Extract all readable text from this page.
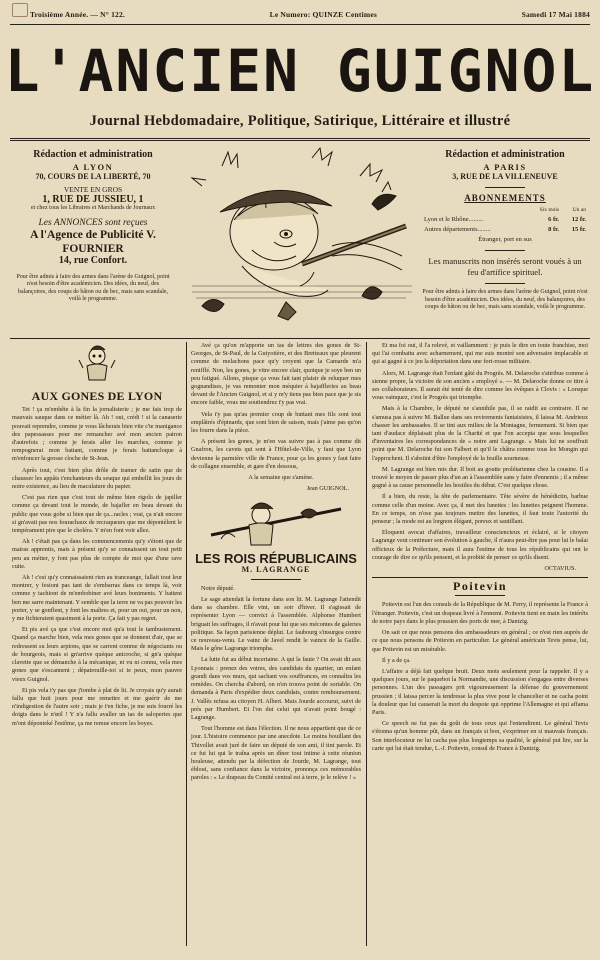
Troisième Année. — N° 122.	Le Numero: QUINZE Centimes	Samedi 17 Mai 1884
L'ANCIEN GUIGNOL
Journal Hebdomadaire, Politique, Satirique, Littéraire et illustré
Rédaction et administration
A LYON
70, COURS DE LA LIBERTÉ, 70
VENTE EN GROS
1, RUE DE JUSSIEU, 1
et chez tous les Libraires et Marchands de Journaux
Les ANNONCES sont reçues
A l'Agence de Publicité V. FOURNIER
14, rue Confort.
Pour être admis à faire des armes dans l'arène de Guignol, point n'est besoin d'être académicien. Des idées, du neuf, des balançoires, des coups de bâton ou de bec, mais sans scandale, voilà le programme.
Rédaction et administration
A PARIS
3, RUE DE LA VILLENEUVE
ABONNEMENTS
	Six mois	Un an
Lyon et le Rhône.........	6 fr.	12 fr.
Autres départements........	8 fr.	15 fr.
Étranger, port en sus		
Les manuscrits non insérés seront voués à un feu d'artifice spirituel.
Pour être admis à faire des armes dans l'arène de Guignol, point n'est besoin d'être académicien. Des idées, du neuf, des balançoires, des coups de bâton ou de bec, mais sans scandale, voilà le programme.
AUX GONES DE LYON

Tet ! ça m'embête à la fin la jornalisterie ; je me fais trop de mauvais sauque dans ce métier là. Ah ! oui, crédi ! si la canaserie pouvait reprendre, comme je vous lâcherais bien vite c'te manigance des papessasses pour me remancher avé mon ancien patron d'autrefois ; comme je ferais aller les marches, comme je rempognerai mon battant, comme je ferais battancloque à m'enfoncer la grosse cloche de St-Jean.

Après tout, c'est bien plus drôle de tramer de satin que de chausser les appâts t'enchanteurs du seuque qui embellit les jours de notre existence, au lieu de maculature du papier.

C'est pas rien que c'est tout de même bien rigolo de japiller comme ça devant tout le monde, de bajafler en beau devant du public que vous gobe si bien que de ça...racles ; vrai, ça n'ait encore si gn'avait pas nos fourachaux de recraqueurs que me dépontèlent le tempérament pire que le choléra. Y m'en font voir allez.

Ah ! c'était pas ça dans les commencements qu'y s'étont que de mairas apprentis, mais à présent qu'y se connaissent un tout petit peu au métier, y font pas plus de compte de moi que d'une rave cuite.

Ah ! c'est qu'y connaissaient rien au tranceange, fallait tout leur montrer, y fesiont pas tant de s'embarras dans ce temps là, voir comme y tachiont de m'embobiner avé leurs boniments. Y battent ben me sarre maintenant. Y semble que la terre ne va pas pouvoir les porter, y se gonflent, y font les maîtres et, pour un oui, pour un non, y me fichteraient quasiment à la porte. Ça fait y pas regret.

Et pis avé ça que c'est encore moi qu'a tout le tambustement. Quand ça marche bien, vela mes gones que se donnent d'air, que se redressent su leurs arpions, que se carrent comme de négociants ou de bourgeois, mais si gn'arrive quèque anicroche, si gn'a quèque clavette que se démanche à la mécanique, ni vu ni connu, vela mes gones que s'escannent ; dépatrouille-toi si te peux, mon pauvre vieux Guignol.

Et pis vela t'y pas que j'tombe à plat de lit. Je croyais qu'y aurait fallu que huit jours pour me remettre et me guérir de me n'indigestion de l'autre soir ; mais je t'en fiche, je me suis fourré les doigts dans le n'œil ! Y n'a fallu avaller un tas de saloperies que m'ont déponteké l'estôme, ça me remue encore les boyes.

Avé ça qu'on m'apporte un tas de lettres des gones de St-Georges, de St-Paul, de la Guiyotière, et des Bretteaux que pleurent comme de melachons pace qu'y croyent que la Camarde m'a renifflé. Non, les gones, je vitre encore clair, quoique je soye ben un peu fatigué. Allons, pisque ça vous fait tant plaisir de reluquer mes gognandises, je vas remonter mon méquier à bajaffleries au beau devant de l'Ancien Guignol, et si y m'y tiens pas bien pace que je sis encore faible, vous me soutiendrez t'y pas vrai.

Vela t'y pas qu'au premier coup de buttant mes fils sont tout emplâtrés d'épinards, que sont bien de saison, mais j'aime pas qu'on les fourre dans la pièce.

A présent les gones, je m'en vas suivre pas à pas comme dit Gnafron, les cavets qui sont à l'Hôtel-de-Ville, y faut que Lyon devienne la parmière ville de France, pour ça les gones y faut faire de collagne ensemble, et gare d'en dessous,

A la semaine que s'amène.

Jean GUIGNOL.
LES ROIS RÉPUBLICAINS
M. LAGRANGE

Notre député.

Le sage attendait la fortune dans son lit. M. Lagrange l'attendit dans sa chambre. Elle vint, un soir d'hiver. Il s'agissait de représenter Lyon — convict à l'assemblée. Alphonse Humbert briguait les suffrages, il n'avait pour lui que ses mécontes de galeries politique. Sa façon parisienne déplut. Le faubourg s'insurgea contre ce nouveau-venu. Le vainc de Javel rendit le vaincu de la Gaille. Mais le gône Lagrange triompha.

La lutte fut au début incertaine. A qui la faute ? On avait dit aux Lyonnais : prenez des votres, des candidats du quartier, un enfant grandi dans vos murs, qui sachant vos souffrances, en connaîtra les remèdes. On chercha d'abord, on n'en trouva point de sortable. On demanda à Paris d'expédier deux candidats, contre remboursement. J. Vallès refusa au citoyen H. Albert. Mais Jourde accourut, suivi de près par Humbert. Et l'on dut celui qui n'avait point bougé : Lagrange.

Tout l'homme est dans l'élection. Il ne nous appartient que de ce jour. L'histoire commence par une anecdote. Le moins bouillant des Thivollet avait juré de faire un député de son ami, il tint parole. Et ce fut lui qui le traîna après un dîner tout intime à cette réunion houleuse, attendu par la défection de Jourde, M. Lagrange, tout ébloui, sans confiance dans la victoire, prononça ces mémorables paroles : « Le drapeau du Comité central est à terre, je le relève ! »

Et ma foi oui, il l'a relevé, et vaillamment : je puis le dire en toute franchise, moi qui l'ai combattu avec acharnement, qui me suis montré son adversaire implacable et qui ai gagné à ce jeu la déportation dans une fort-rosse militaire.

Alors, M. Lagrange était l'enfant gâté du Progrès. M. Delaroche s'attribue comme à sienne propre, la victoire de son ancien « employé ». — M. Delaroche donne ce titre à ses collaborateurs. Il aurait été tenté de dire comme les évêques à Clovis : « Lorsque vous vainquez, c'est le Progrès qui triomphe.

Mais à la Chambre, le député ne s'annihile pas, il se raidit au contraire. Il ne s'amusa pas à suivre M. Ballue dans ses revirements fantaisistes, il laissa M. Andrieux chasser les ambassades. Il se tint aux milieu de la Montagne, fermement. Si bien que tant d'audace déplaisait plus de la Charité et que l'on accepta que sous lesquelles d'inventaires les correspondances de « notre ami Lagrange. » Mais lui ne souffrait point que M. Delaroche fut son Falbert et qu'il le châtra comme tous les Mongin qui l'approchent. Il s'abstint d'être l'employé de la feuille sourneuse.

M. Lagrange est bien mis dur. Il boit au goutte prolétarienne chez la cousine. Il a trouvé le moyen de passer plus d'un an à l'assemblée sans y faire d'ennemis ; il a même gagné à sa cause personnelle les hostiles du début. C'est quelque chose.

Il a bien, du reste, la tête de parlementaire. Tête sévère de bénédictin, barbue comme celle d'un moine. Avec ça, il met des lunettes : les lunettes peignent l'homme. En ce temps, on n'ose pas toujours mettre des lunettes, il faut toute l'autorité du penseur ; la mode est au lorgnon élégant, poreux et sautillant.

Eloquent avocat d'affaires, travailleur consciencieux et éclairé, si le citoyen Lagrange veut continuer son évolution à gauche, il n'aura peut-être pas pour lui le balai officieux de la Préfecture, mais il aura l'estime de tous les républicains qui ont le courage de dire ce qu'ils pensent, et la probité de penser ce qu'ils disent.

OCTAVIUS.
Poitevin

Poitevin est l'un des consuls de la République de M. Ferry, il représente la France à l'étranger. Poitevin, c'est un drapeau livré à l'ennemi. Poitevin tient en main les intérêts de notre pays dans le plus prussien des ports de mer, à Dantzig.

On sait ce que nous pensons des ambassadeurs en général ; ce n'est rien auprès de ce que nous pensons de Poitevin en particulier. Le général américain Tevis pense, lui, que Poitevin est un misérable.

Il y a de ça.

L'affaire a déjà fait quelque bruit. Deux mots seulement pour la rappeler. Il y a quelques jours, sur le paquebot la Normandie, une discussion s'engagea entre diverses personnes. L'un des passagers prit vigoureusement la défense du gouvernement prussien ; il laissa percer la tendresse la plus vive pour le chancelier et ne cacha point la douleur que lui causerait la mort du despote qui opprime l'Allemagne et qui affama Paris.

Ce speech ne fut pas du goût de tous ceux qui l'entendirent. Le général Tevis s'étonna qu'un homme pût, dans un français si bon, s'exprimer en si mauvais français. Son interlocuteur ne lui cacha pas plus longtemps sa qualité, le général put lire, sur la carte qui lui était tendue, L.-J. Poitevin, consul de France à Dantzig.
